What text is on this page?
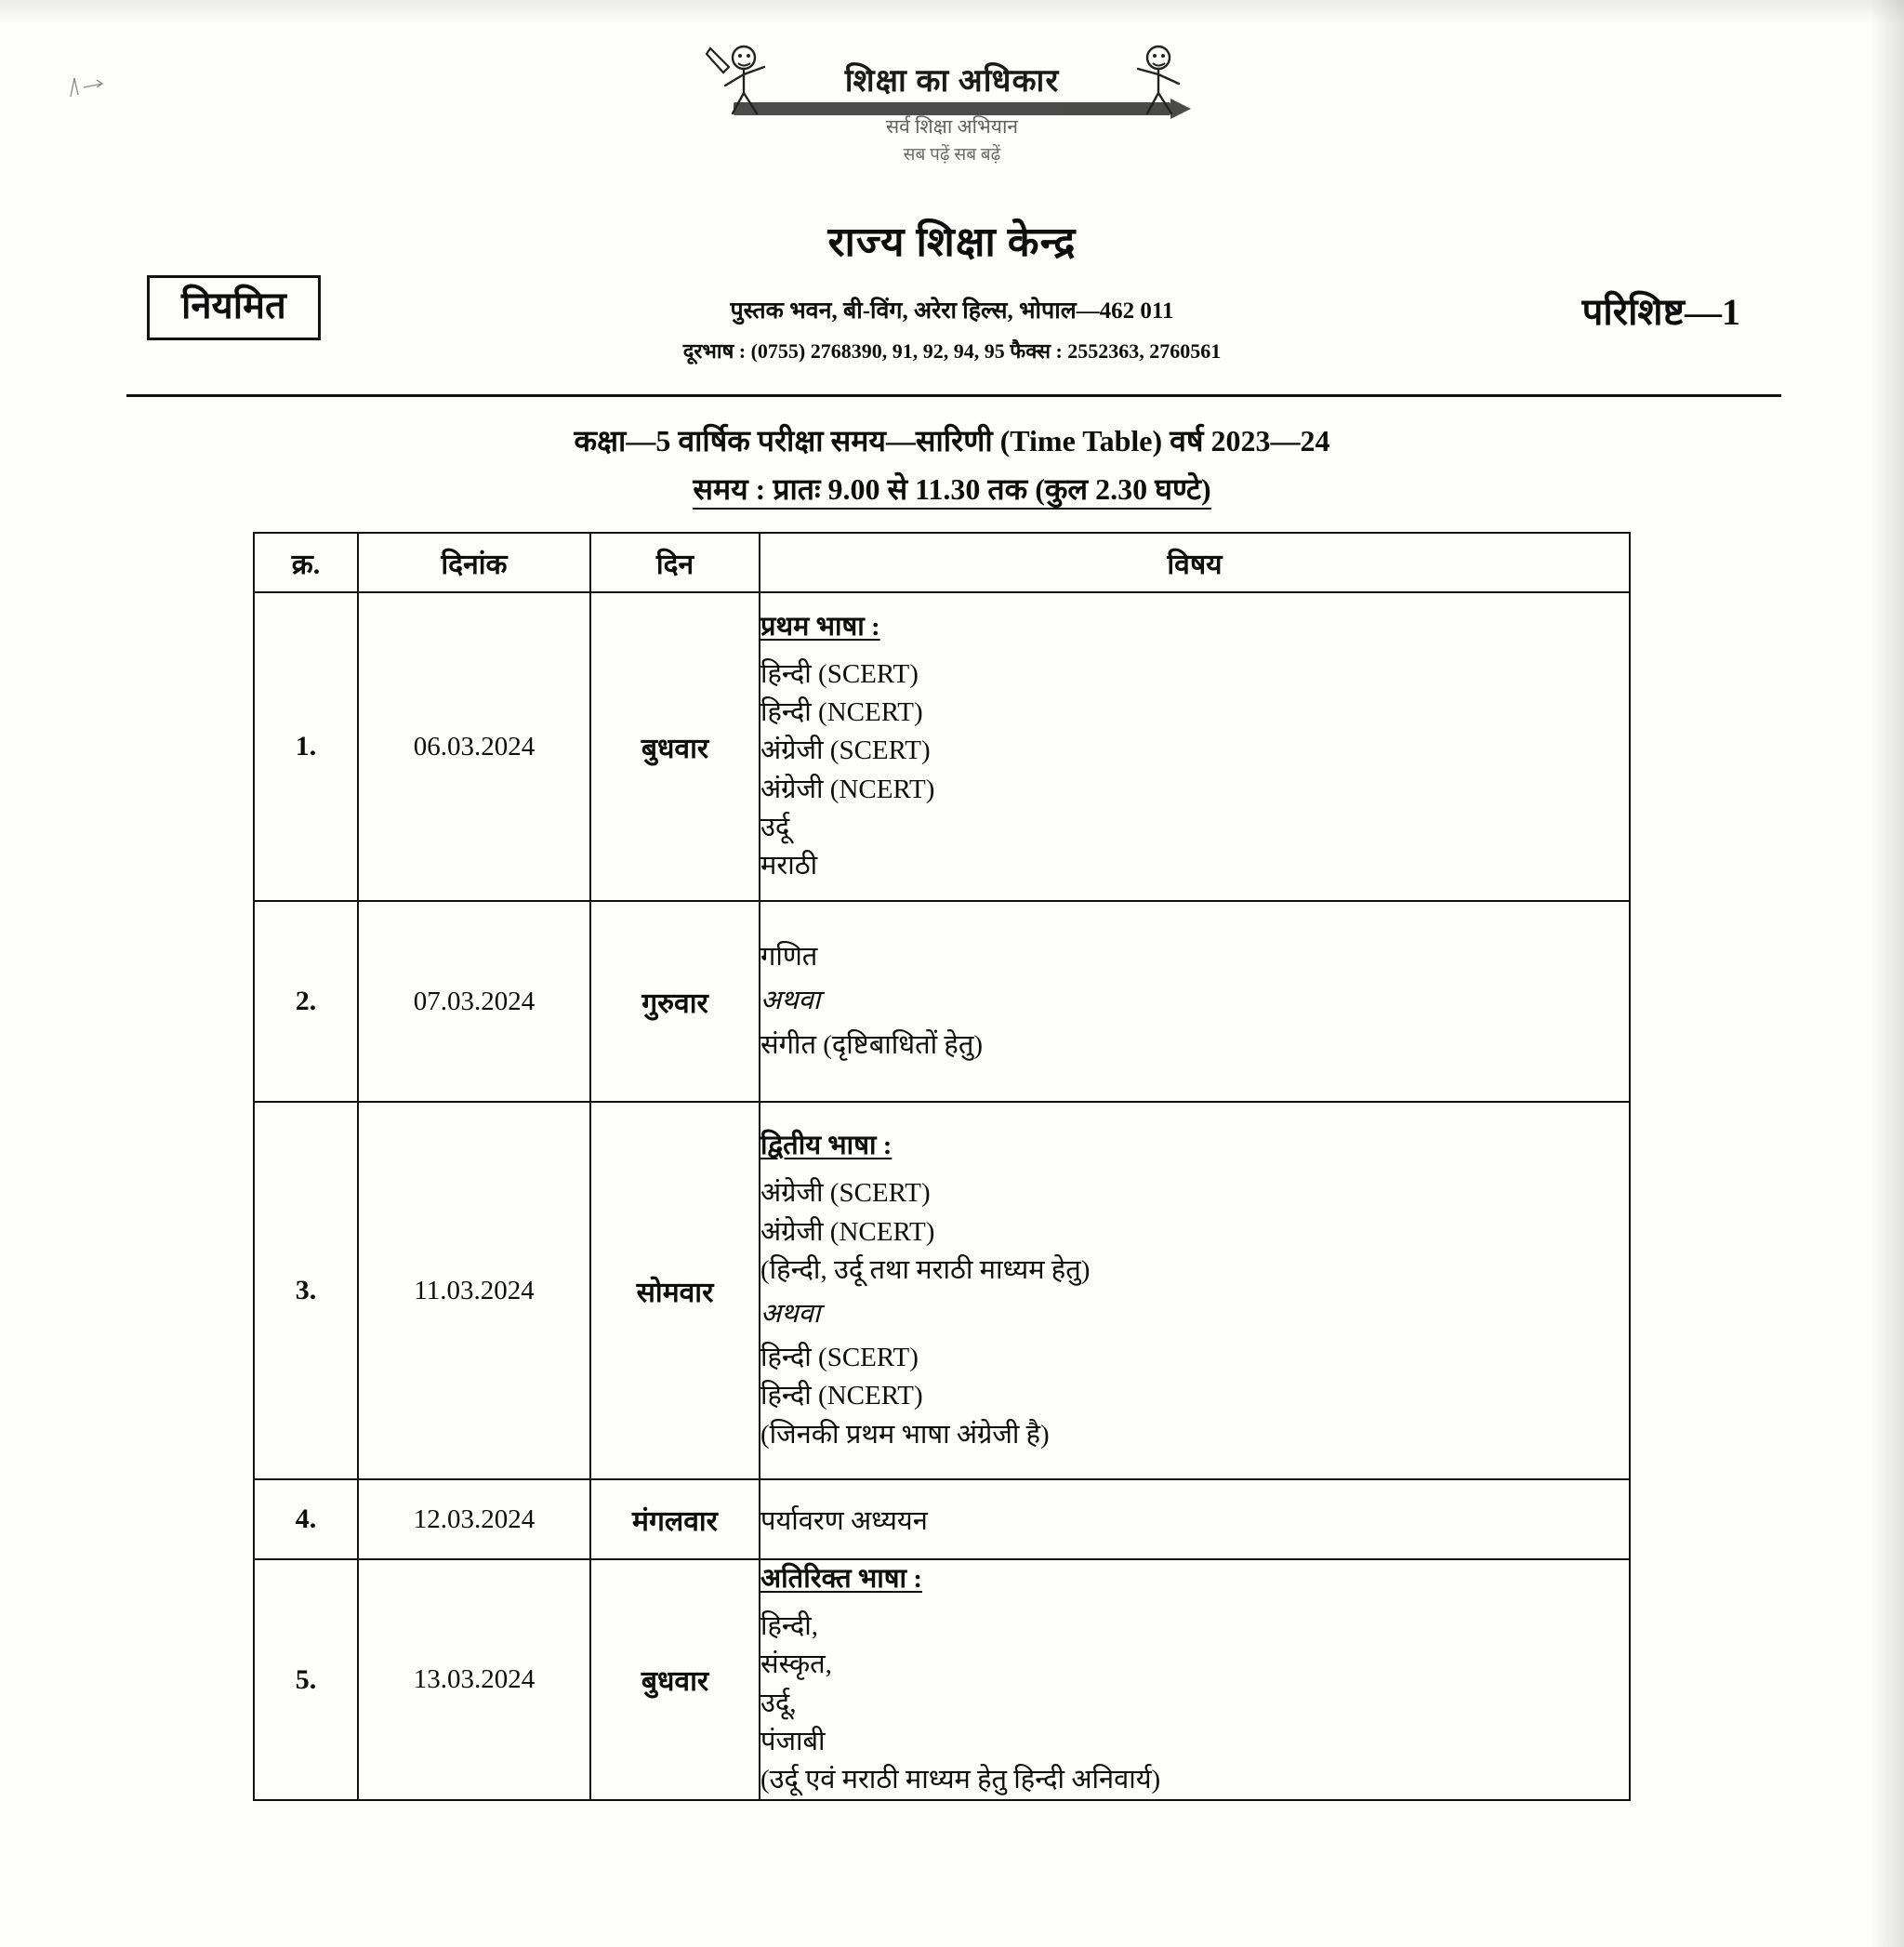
शिक्षा का अधिकार
सर्व शिक्षा अभियान
सब पढ़ें सब बढ़ें
राज्य शिक्षा केन्द्र
पुस्तक भवन, बी-विंग, अरेरा हिल्स, भोपाल—462 011
दूरभाष : (0755) 2768390, 91, 92, 94, 95 फैक्स : 2552363, 2760561
नियमित	परिशिष्ट—1
कक्षा—5 वार्षिक परीक्षा समय—सारिणी (Time Table) वर्ष 2023—24
समय : प्रातः 9.00 से 11.30 तक (कुल 2.30 घण्टे)
क्र.	दिनांक	दिन	विषय
1.	06.03.2024	बुधवार	
प्रथम भाषा :
हिन्दी (SCERT)
हिन्दी (NCERT)
अंग्रेजी (SCERT)
अंग्रेजी (NCERT)
उर्दू
मराठी

2.	07.03.2024	गुरुवार	गणित
अथवा
संगीत (दृष्टिबाधितों हेतु)

3.	11.03.2024	सोमवार	
द्वितीय भाषा :
अंग्रेजी (SCERT)
अंग्रेजी (NCERT)
(हिन्दी, उर्दू तथा मराठी माध्यम हेतु)
अथवा
हिन्दी (SCERT)
हिन्दी (NCERT)
(जिनकी प्रथम भाषा अंग्रेजी है)

4.	12.03.2024	मंगलवार	पर्यावरण अध्ययन
5.	13.03.2024	बुधवार	
अतिरिक्त भाषा :
हिन्दी,
संस्कृत,
उर्दू,
पंजाबी
(उर्दू एवं मराठी माध्यम हेतु हिन्दी अनिवार्य)
